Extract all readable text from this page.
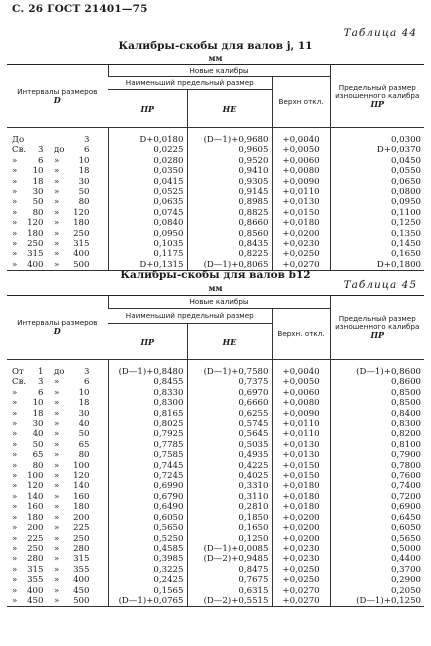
С. 26 ГОСТ 21401—75
Таблица 44
Калибры-скобы для валов j, 11
мм
Интервалы размеров
D	Новые калибры			Предельный размер изношенного калибра
ПР
	Наименьший предельный размер		Верхн откл.	
	ПР	НЕ		

До 3	D+0,0180	(D—1)+0,9680	+0,0040	0,0300

Св. 3 до 6	0,0225	0,9605	+0,0050	D+0,0370

» 6 » 10	0,0280	0,9520	+0,0060	0,0450

» 10 » 18	0,0350	0,9410	+0,0080	0,0550

» 18 » 30	0,0415	0,9305	+0,0090	0,0650

» 30 » 50	0,0525	0,9145	+0,0110	0,0800

» 50 » 80	0,0635	0,8985	+0,0130	0,0950

» 80 » 120	0,0745	0,8825	+0,0150	0,1100

» 120 » 180	0,0840	0,8660	+0,0180	0,1250

» 180 » 250	0,0950	0,8560	+0,0200	0,1350

» 250 » 315	0,1035	0,8435	+0,0230	0,1450

» 315 » 400	0,1175	0,8225	+0,0250	0,1650

» 400 » 500	D+0,1315	(D—1)+0,8065	+0,0270	D+0,1800
Калибры-скобы для валов b12
Таблица 45
мм
Интервалы размеров
D	Новые калибры			Предельный размер изношенного калибра
ПР
	Наименьший предельный размер		Верхн. откл.	
	ПР	НЕ		

От 1 до 3	(D—1)+0,8480	(D—1)+0,7580	+0,0040	(D—1)+0,8600

Св. 3 » 6	0,8455	0,7375	+0,0050	0,8600

» 6 » 10	0,8330	0,6970	+0,0060	0,8500

» 10 » 18	0,8300	0,6660	+0,0080	0,8500

» 18 » 30	0,8165	0,6255	+0,0090	0,8400

» 30 » 40	0,8025	0,5745	+0,0110	0,8300

» 40 » 50	0,7925	0,5645	+0,0110	0,8200

» 50 » 65	0,7785	0,5035	+0,0130	0,8100

» 65 » 80	0,7585	0,4935	+0,0130	0,7900

» 80 » 100	0,7445	0,4225	+0,0150	0,7800

» 100 » 120	0,7245	0,4025	+0,0150	0,7600

» 120 » 140	0,6990	0,3310	+0,0180	0,7400

» 140 » 160	0,6790	0,3110	+0,0180	0,7200

» 160 » 180	0,6490	0,2810	+0,0180	0,6900

» 180 » 200	0,6050	0,1850	+0,0200	0,6450

» 200 » 225	0,5650	0,1650	+0,0200	0,6050

» 225 » 250	0,5250	0,1250	+0,0200	0,5650

» 250 » 280	0,4585	(D—1)+0,0085	+0,0230	0,5000

» 280 » 315	0,3985	(D—2)+0,9485	+0,0230	0,4400

» 315 » 355	0,3225	0,8475	+0,0250	0,3700

» 355 » 400	0,2425	0,7675	+0,0250	0,2900

» 400 » 450	0,1565	0,6315	+0,0270	0,2050

» 450 » 500	(D—1)+0,0765	(D—2)+0,5515	+0,0270	(D—1)+0,1250
